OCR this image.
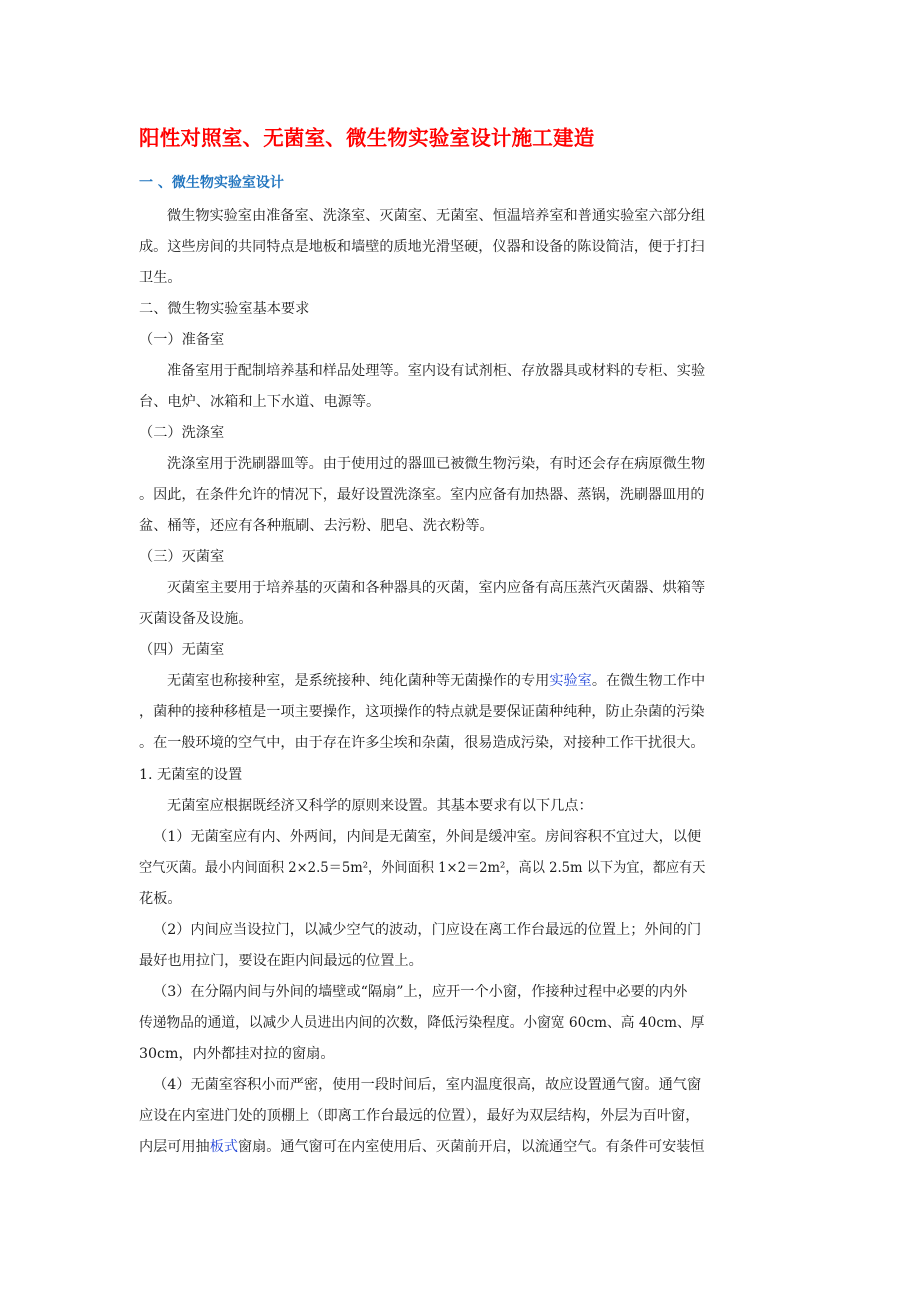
阳性对照室、无菌室、微生物实验室设计施工建造
一 、微生物实验室设计
微生物实验室由准备室、洗涤室、灭菌室、无菌室、恒温培养室和普通实验室六部分组
成。这些房间的共同特点是地板和墙壁的质地光滑坚硬，仪器和设备的陈设简洁，便于打扫
卫生。
二、微生物实验室基本要求
（一）准备室
准备室用于配制培养基和样品处理等。室内设有试剂柜、存放器具或材料的专柜、实验
台、电炉、冰箱和上下水道、电源等。
（二）洗涤室
洗涤室用于洗刷器皿等。由于使用过的器皿已被微生物污染，有时还会存在病原微生物
。因此，在条件允许的情况下，最好设置洗涤室。室内应备有加热器、蒸锅，洗刷器皿用的
盆、桶等，还应有各种瓶刷、去污粉、肥皂、洗衣粉等。
（三）灭菌室
灭菌室主要用于培养基的灭菌和各种器具的灭菌，室内应备有高压蒸汽灭菌器、烘箱等
灭菌设备及设施。
（四）无菌室
无菌室也称接种室，是系统接种、纯化菌种等无菌操作的专用实验室。在微生物工作中
，菌种的接种移植是一项主要操作，这项操作的特点就是要保证菌种纯种，防止杂菌的污染
。在一般环境的空气中，由于存在许多尘埃和杂菌，很易造成污染，对接种工作干扰很大。
1. 无菌室的设置
无菌室应根据既经济又科学的原则来设置。其基本要求有以下几点：
（1）无菌室应有内、外两间，内间是无菌室，外间是缓冲室。房间容积不宜过大，以便
空气灭菌。最小内间面积 2×2.5＝5m²，外间面积 1×2＝2m²，高以 2.5m 以下为宜，都应有天
花板。
（2）内间应当设拉门，以减少空气的波动，门应设在离工作台最远的位置上；外间的门
最好也用拉门，要设在距内间最远的位置上。
（3）在分隔内间与外间的墙壁或“隔扇”上，应开一个小窗，作接种过程中必要的内外
传递物品的通道，以减少人员进出内间的次数，降低污染程度。小窗宽 60cm、高 40cm、厚
30cm，内外都挂对拉的窗扇。
（4）无菌室容积小而严密，使用一段时间后，室内温度很高，故应设置通气窗。通气窗
应设在内室进门处的顶棚上（即离工作台最远的位置），最好为双层结构，外层为百叶窗，
内层可用抽板式窗扇。通气窗可在内室使用后、灭菌前开启，以流通空气。有条件可安装恒
